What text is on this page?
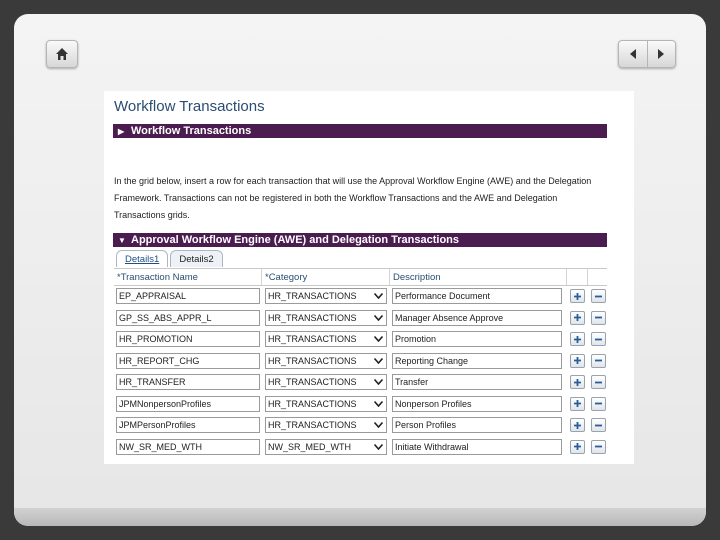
Workflow Transactions
▶ Workflow Transactions
In the grid below, insert a row for each transaction that will use the Approval Workflow Engine (AWE) and the Delegation Framework. Transactions can not be registered in both the Workflow Transactions and the AWE and Delegation Transactions grids.
▼ Approval Workflow Engine (AWE) and Delegation Transactions
Details1	Details2
*Transaction Name	*Category	Description
EP_APPRAISAL	HR_TRANSACTIONS	Performance Document
GP_SS_ABS_APPR_L	HR_TRANSACTIONS	Manager Absence Approve
HR_PROMOTION	HR_TRANSACTIONS	Promotion
HR_REPORT_CHG	HR_TRANSACTIONS	Reporting Change
HR_TRANSFER	HR_TRANSACTIONS	Transfer
JPMNonpersonProfiles	HR_TRANSACTIONS	Nonperson Profiles
JPMPersonProfiles	HR_TRANSACTIONS	Person Profiles
NW_SR_MED_WTH	NW_SR_MED_WTH	Initiate Withdrawal
